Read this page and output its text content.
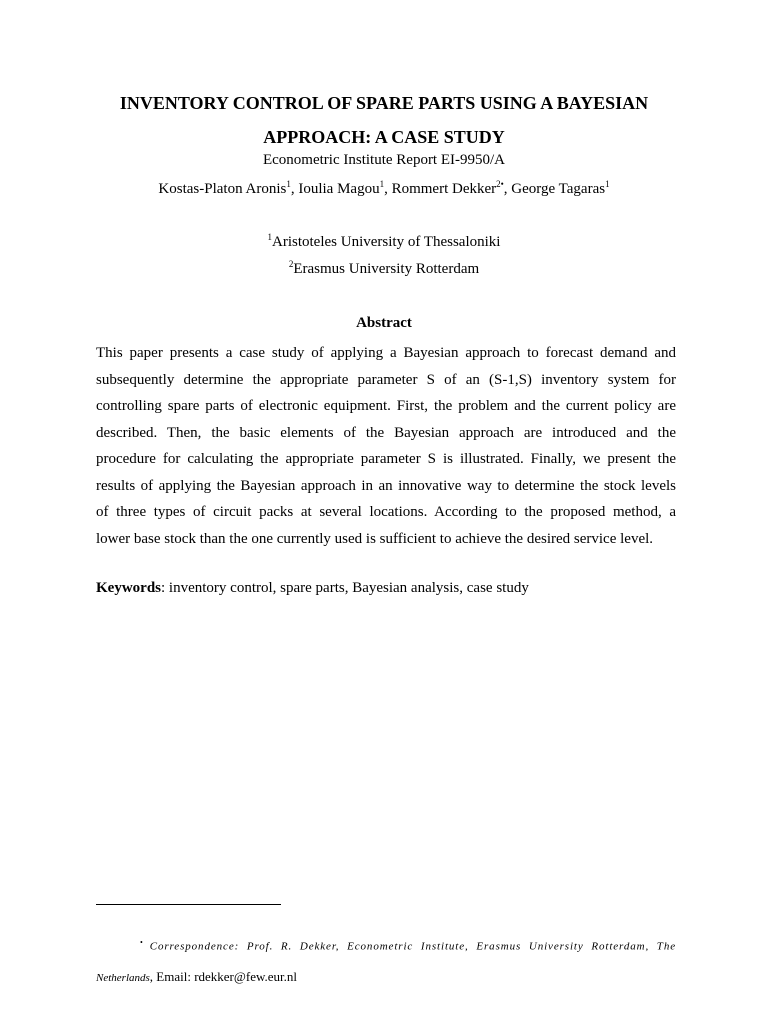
INVENTORY CONTROL OF SPARE PARTS USING A BAYESIAN
APPROACH: A CASE STUDY
Econometric Institute Report EI-9950/A
Kostas-Platon Aronis$^1$, Ioulia Magou$^1$, Rommert Dekker$^{2•}$, George Tagaras$^1$
$^1$Aristoteles University of Thessaloniki
$^2$Erasmus University Rotterdam
Abstract
This paper presents a case study of applying a Bayesian approach to forecast demand and
subsequently determine the appropriate parameter S of an (S-1,S) inventory system for
controlling spare parts of electronic equipment. First, the problem and the current policy are
described. Then, the basic elements of the Bayesian approach are introduced and the
procedure for calculating the appropriate parameter S is illustrated. Finally, we present the
results of applying the Bayesian approach in an innovative way to determine the stock levels
of three types of circuit packs at several locations. According to the proposed method, a
lower base stock than the one currently used is sufficient to achieve the desired service level.
Keywords: inventory control, spare parts, Bayesian analysis, case study
• Correspondence: Prof. R. Dekker, Econometric Institute, Erasmus University Rotterdam, The
Netherlands, Email: rdekker@few.eur.nl
